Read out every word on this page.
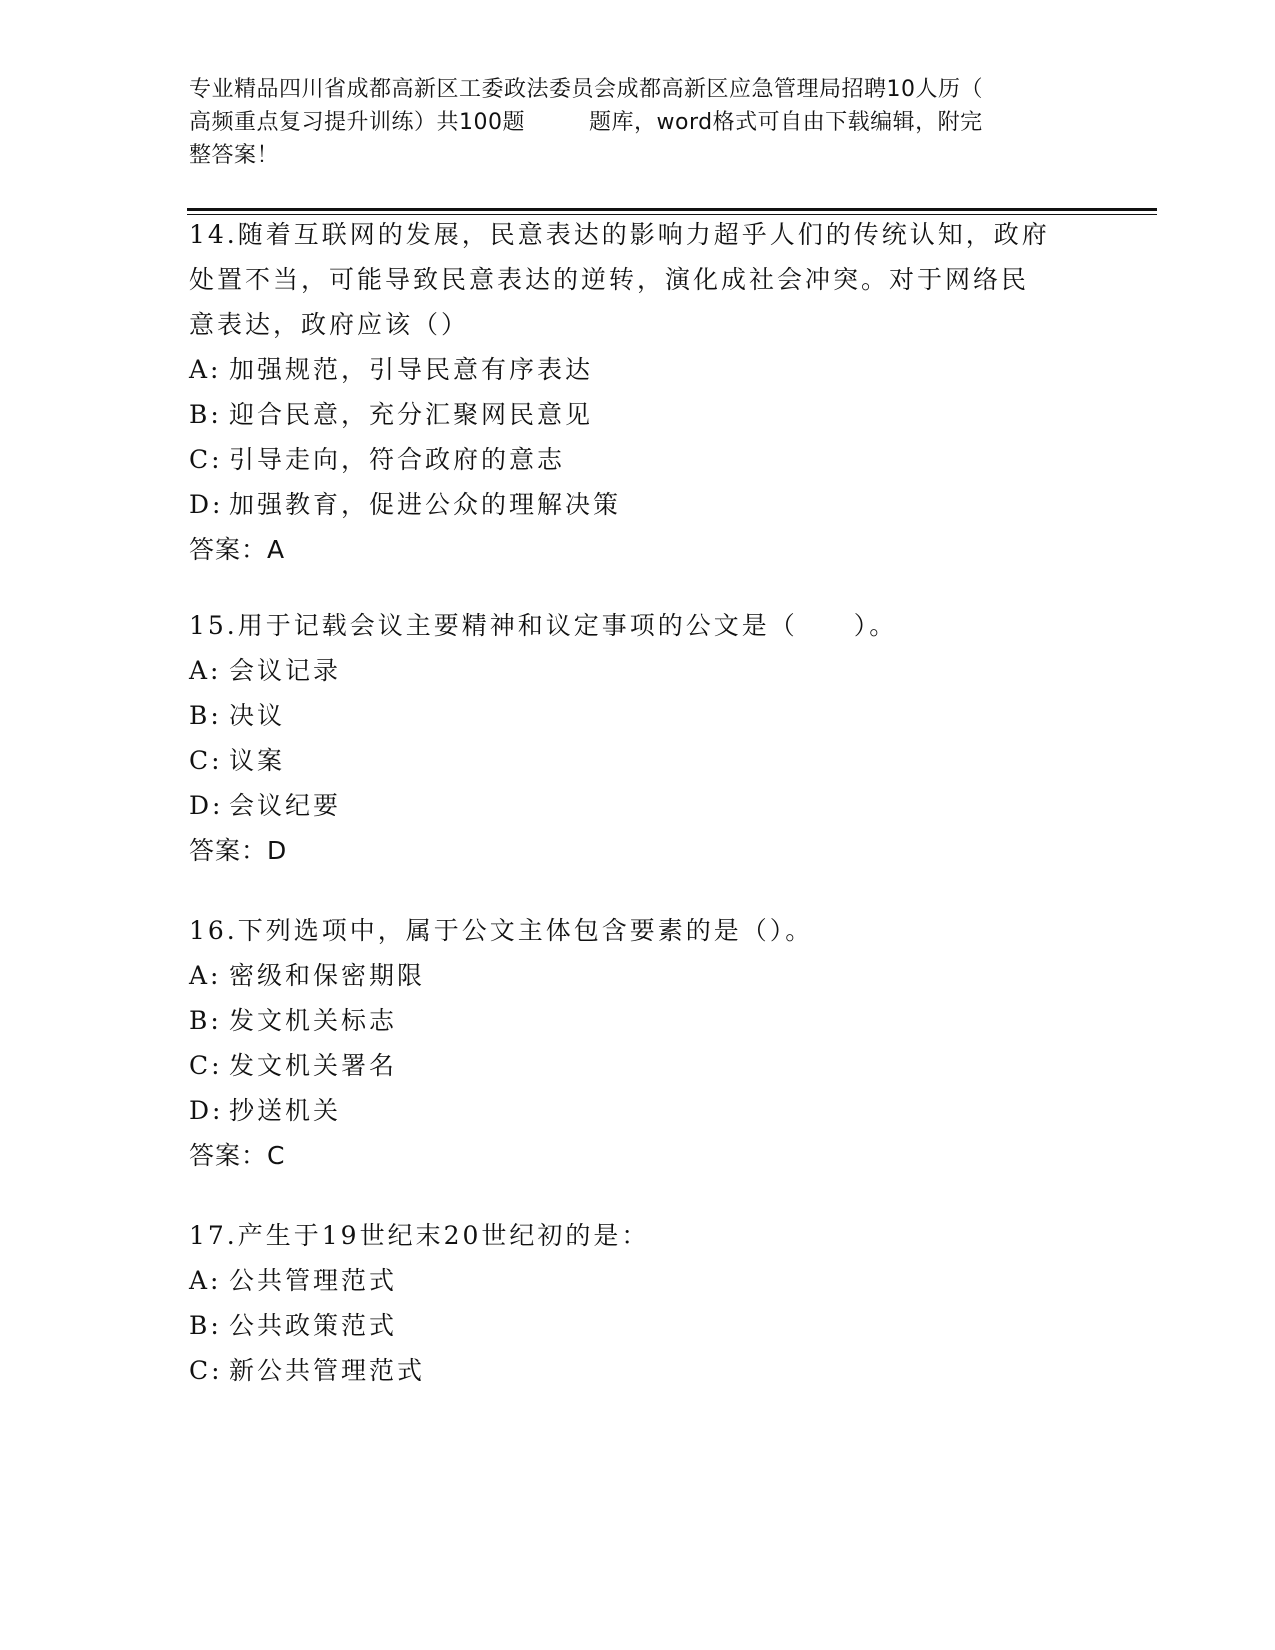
专业精品四川省成都高新区工委政法委员会成都高新区应急管理局招聘10人历（
高频重点复习提升训练）共100题	题库，word格式可自由下载编辑，附完
整答案！
14.随着互联网的发展，民意表达的影响力超乎人们的传统认知，政府
处置不当，可能导致民意表达的逆转，演化成社会冲突。对于网络民
意表达，政府应该（）
A: 加强规范，引导民意有序表达
B: 迎合民意，充分汇聚网民意见
C: 引导走向，符合政府的意志
D: 加强教育，促进公众的理解决策
答案：A
15.用于记载会议主要精神和议定事项的公文是（　　）。
A: 会议记录
B: 决议
C: 议案
D: 会议纪要
答案：D
16.下列选项中，属于公文主体包含要素的是（）。
A: 密级和保密期限
B: 发文机关标志
C: 发文机关署名
D: 抄送机关
答案：C
17.产生于19世纪末20世纪初的是：
A: 公共管理范式
B: 公共政策范式
C: 新公共管理范式
